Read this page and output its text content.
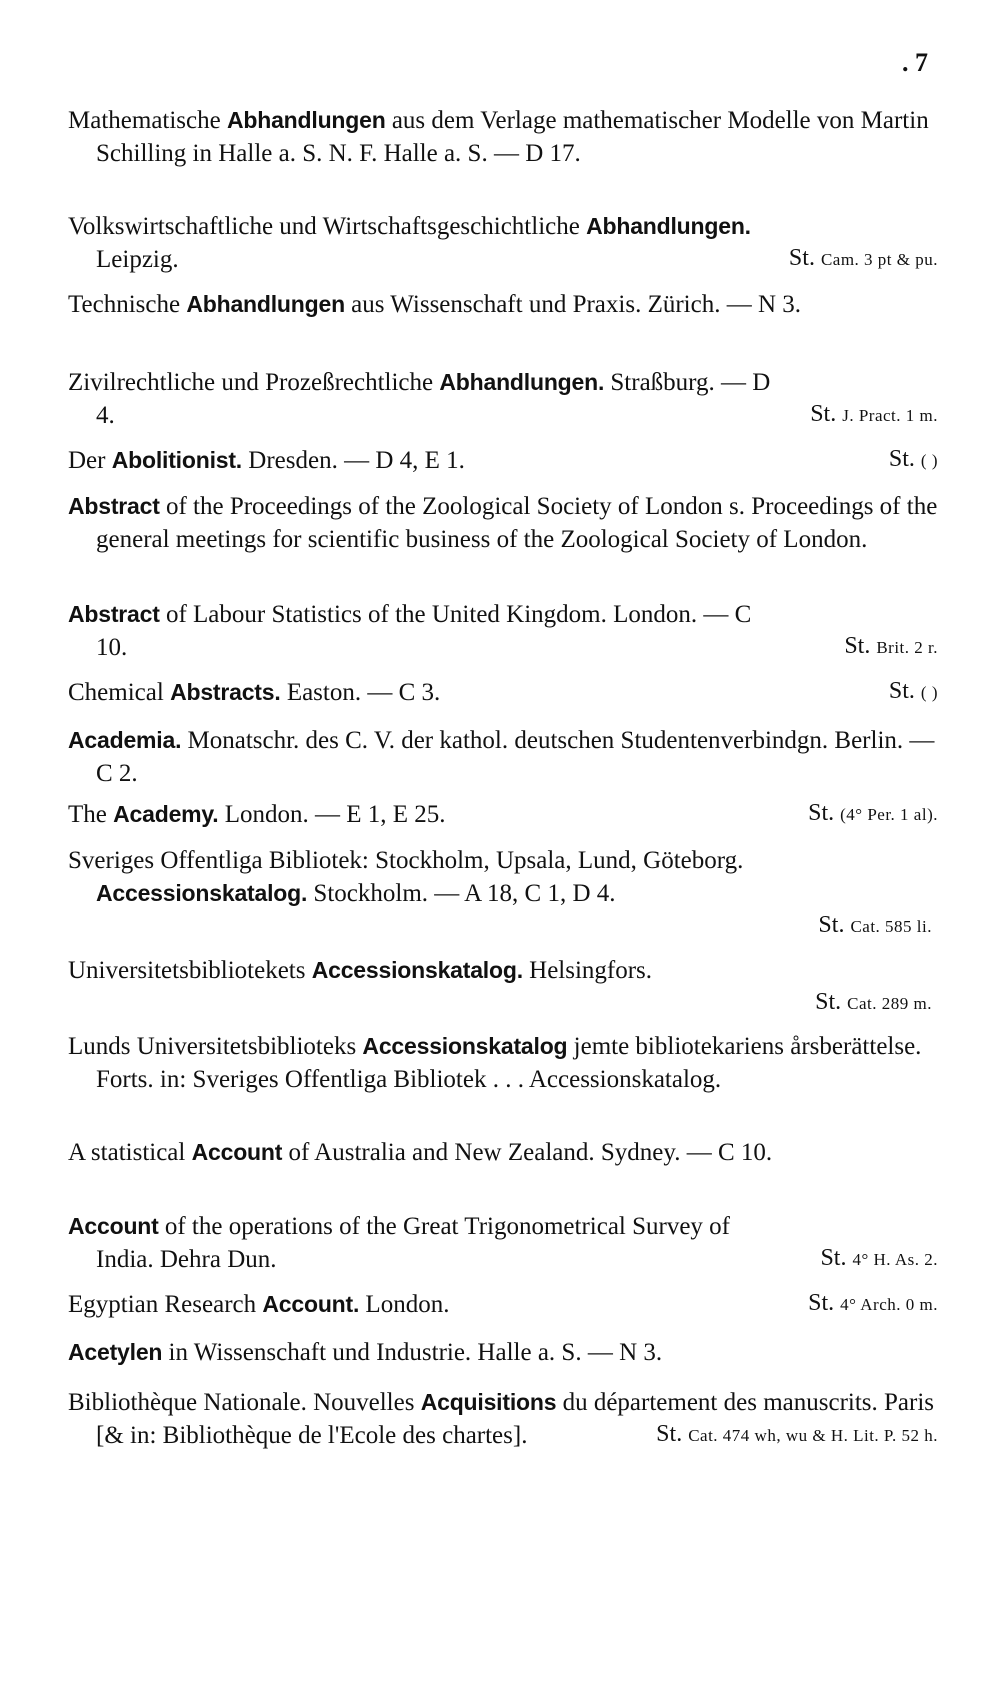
. 7
Mathematische Abhandlungen aus dem Verlage mathematischer Modelle von Martin Schilling in Halle a. S. N. F. Halle a. S. — D 17.
Volkswirtschaftliche und Wirtschaftsgeschichtliche Abhandlungen. Leipzig.	St. Cam. 3 pt & pu.
Technische Abhandlungen aus Wissenschaft und Praxis. Zürich. — N 3.
Zivilrechtliche und Prozeßrechtliche Abhandlungen. Straßburg. — D 4.	St. J. Pract. 1 m.
Der Abolitionist. Dresden. — D 4, E 1.	St. ( )
Abstract of the Proceedings of the Zoological Society of London s. Proceedings of the general meetings for scientific business of the Zoological Society of London.
Abstract of Labour Statistics of the United Kingdom. London. — C 10.	St. Brit. 2 r.
Chemical Abstracts. Easton. — C 3.	St. ( )
Academia. Monatschr. des C. V. der kathol. deutschen Studentenverbindgn. Berlin. — C 2.
The Academy. London. — E 1, E 25.	St. (4° Per. 1 al).
Sveriges Offentliga Bibliotek: Stockholm, Upsala, Lund, Göteborg. Accessionskatalog. Stockholm. — A 18, C 1, D 4.
St. Cat. 585 li.
Universitetsbibliotekets Accessionskatalog. Helsingfors.
St. Cat. 289 m.
Lunds Universitetsbiblioteks Accessionskatalog jemte bibliotekariens årsberättelse. Forts. in: Sveriges Offentliga Bibliotek . . . Accessionskatalog.
A statistical Account of Australia and New Zealand. Sydney. — C 10.
Account of the operations of the Great Trigonometrical Survey of India. Dehra Dun.	St. 4° H. As. 2.
Egyptian Research Account. London.	St. 4° Arch. 0 m.
Acetylen in Wissenschaft und Industrie. Halle a. S. — N 3.
Bibliothèque Nationale. Nouvelles Acquisitions du département des manuscrits. Paris [& in: Bibliothèque de l'Ecole des chartes].	St. Cat. 474 wh, wu & H. Lit. P. 52 h.
